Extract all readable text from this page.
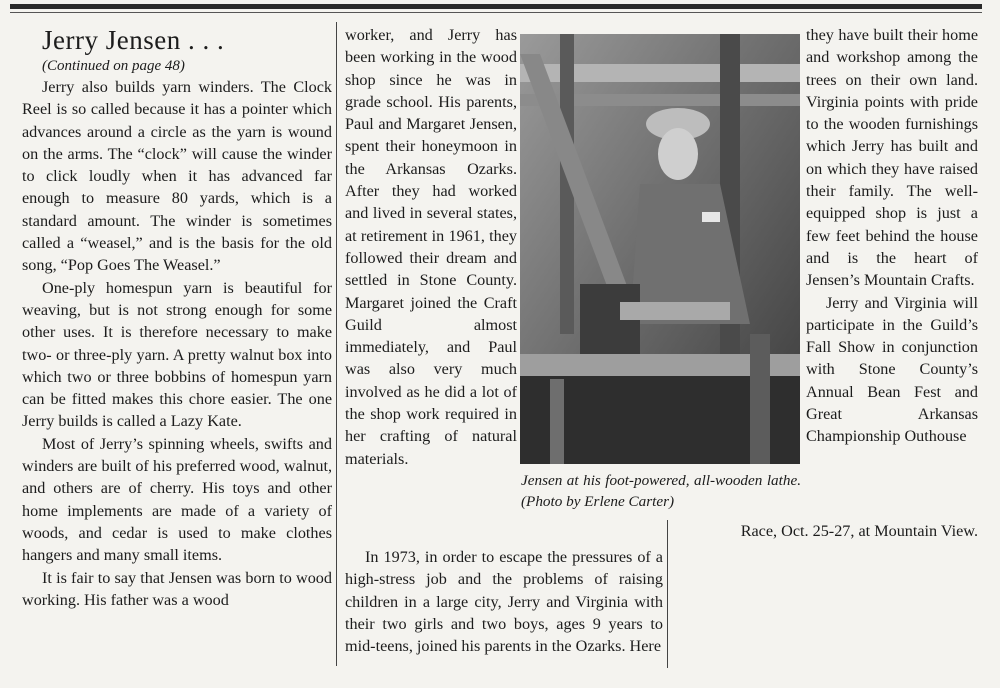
Jerry Jensen . . .

(Continued on page 48)

Jerry also builds yarn winders. The Clock Reel is so called because it has a pointer which advances around a circle as the yarn is wound on the arms. The “clock” will cause the winder to click loudly when it has advanced far enough to measure 80 yards, which is a standard amount. The winder is sometimes called a “weasel,” and is the basis for the old song, “Pop Goes The Weasel.”

One-ply homespun yarn is beautiful for weaving, but is not strong enough for some other uses. It is therefore necessary to make two- or three-ply yarn. A pretty walnut box into which two or three bobbins of homespun yarn can be fitted makes this chore easier. The one Jerry builds is called a Lazy Kate.

Most of Jerry’s spinning wheels, swifts and winders are built of his preferred wood, walnut, and others are of cherry. His toys and other home implements are made of a variety of woods, and cedar is used to make clothes hangers and many small items.

It is fair to say that Jensen was born to wood working. His father was a wood

worker, and Jerry has been working in the wood shop since he was in grade school. His parents, Paul and Margaret Jensen, spent their honeymoon in the Arkansas Ozarks. After they had worked and lived in several states, at retirement in 1961, they followed their dream and settled in Stone County. Margaret joined the Craft Guild almost immediately, and Paul was also very much involved as he did a lot of the shop work required in her crafting of natural materials.

In 1973, in order to escape the pressures of a high-stress job and the problems of raising children in a large city, Jerry and Virginia with their two girls and two boys, ages 9 years to mid-teens, joined his parents in the Ozarks. Here

Jensen at his foot-powered, all-wooden lathe. (Photo by Erlene Carter)

they have built their home and workshop among the trees on their own land. Virginia points with pride to the wooden furnishings which Jerry has built and on which they have raised their family. The well-equipped shop is just a few feet behind the house and is the heart of Jensen’s Mountain Crafts.

Jerry and Virginia will participate in the Guild’s Fall Show in conjunction with Stone County’s Annual Bean Fest and Great Arkansas Championship Outhouse

Race, Oct. 25-27, at Mountain View.
